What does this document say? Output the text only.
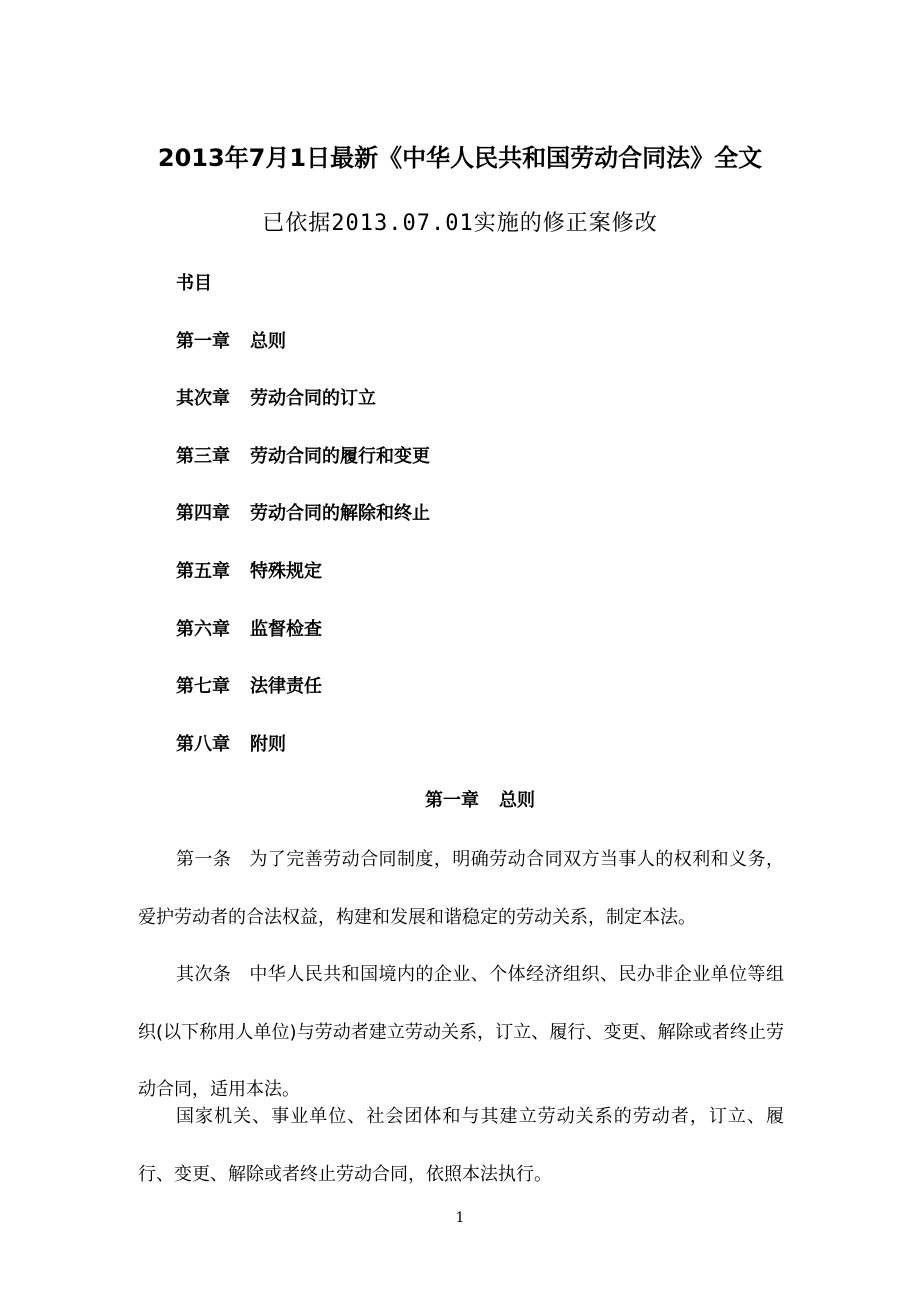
2013年7月1日最新《中华人民共和国劳动合同法》全文
已依据2013.07.01实施的修正案修改
书目
第一章 总则
其次章 劳动合同的订立
第三章 劳动合同的履行和变更
第四章 劳动合同的解除和终止
第五章 特殊规定
第六章 监督检查
第七章 法律责任
第八章 附则
第一章 总则

第一条 为了完善劳动合同制度，明确劳动合同双方当事人的权利和义务，爱护劳动者的合法权益，构建和发展和谐稳定的劳动关系，制定本法。

其次条 中华人民共和国境内的企业、个体经济组织、民办非企业单位等组织(以下称用人单位)与劳动者建立劳动关系，订立、履行、变更、解除或者终止劳动合同，适用本法。

国家机关、事业单位、社会团体和与其建立劳动关系的劳动者，订立、履行、变更、解除或者终止劳动合同，依照本法执行。

1
